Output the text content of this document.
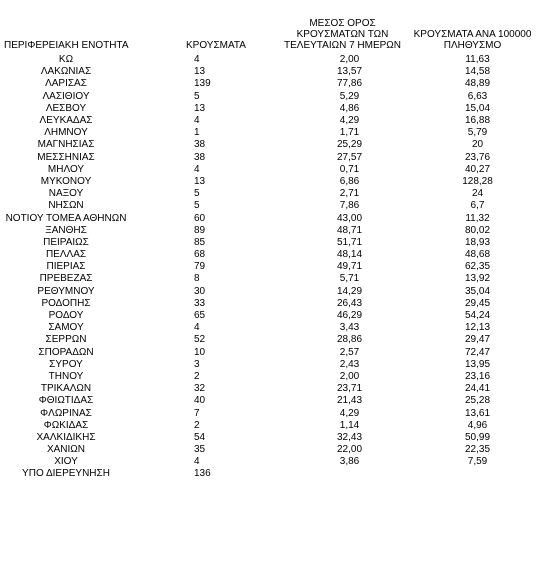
ΠΕΡΙΦΕΡΕΙΑΚΗ ΕΝΟΤΗΤΑ	ΚΡΟΥΣΜΑΤΑ	ΜΕΣΟΣ ΟΡΟΣ ΚΡΟΥΣΜΑΤΩΝ ΤΩΝ ΤΕΛΕΥΤΑΙΩΝ 7 ΗΜΕΡΩΝ	ΚΡΟΥΣΜΑΤΑ ΑΝΑ 100000 ΠΛΗΘΥΣΜΟ
ΚΩ	4	2,00	11,63
ΛΑΚΩΝΙΑΣ	13	13,57	14,58
ΛΑΡΙΣΑΣ	139	77,86	48,89
ΛΑΣΙΘΙΟΥ	5	5,29	6,63
ΛΕΣΒΟΥ	13	4,86	15,04
ΛΕΥΚΑΔΑΣ	4	4,29	16,88
ΛΗΜΝΟΥ	1	1,71	5,79
ΜΑΓΝΗΣΙΑΣ	38	25,29	20
ΜΕΣΣΗΝΙΑΣ	38	27,57	23,76
ΜΗΛΟΥ	4	0,71	40,27
ΜΥΚΟΝΟΥ	13	6,86	128,28
ΝΑΞΟΥ	5	2,71	24
ΝΗΣΩΝ	5	7,86	6,7
ΝΟΤΙΟΥ ΤΟΜΕΑ ΑΘΗΝΩΝ	60	43,00	11,32
ΞΑΝΘΗΣ	89	48,71	80,02
ΠΕΙΡΑΙΩΣ	85	51,71	18,93
ΠΕΛΛΑΣ	68	48,14	48,68
ΠΙΕΡΙΑΣ	79	49,71	62,35
ΠΡΕΒΕΖΑΣ	8	5,71	13,92
ΡΕΘΥΜΝΟΥ	30	14,29	35,04
ΡΟΔΟΠΗΣ	33	26,43	29,45
ΡΟΔΟΥ	65	46,29	54,24
ΣΑΜΟΥ	4	3,43	12,13
ΣΕΡΡΩΝ	52	28,86	29,47
ΣΠΟΡΑΔΩΝ	10	2,57	72,47
ΣΥΡΟΥ	3	2,43	13,95
ΤΗΝΟΥ	2	2,00	23,16
ΤΡΙΚΑΛΩΝ	32	23,71	24,41
ΦΘΙΩΤΙΔΑΣ	40	21,43	25,28
ΦΛΩΡΙΝΑΣ	7	4,29	13,61
ΦΩΚΙΔΑΣ	2	1,14	4,96
ΧΑΛΚΙΔΙΚΗΣ	54	32,43	50,99
ΧΑΝΙΩΝ	35	22,00	22,35
ΧΙΟΥ	4	3,86	7,59
ΥΠΟ ΔΙΕΡΕΥΝΗΣΗ	136		
